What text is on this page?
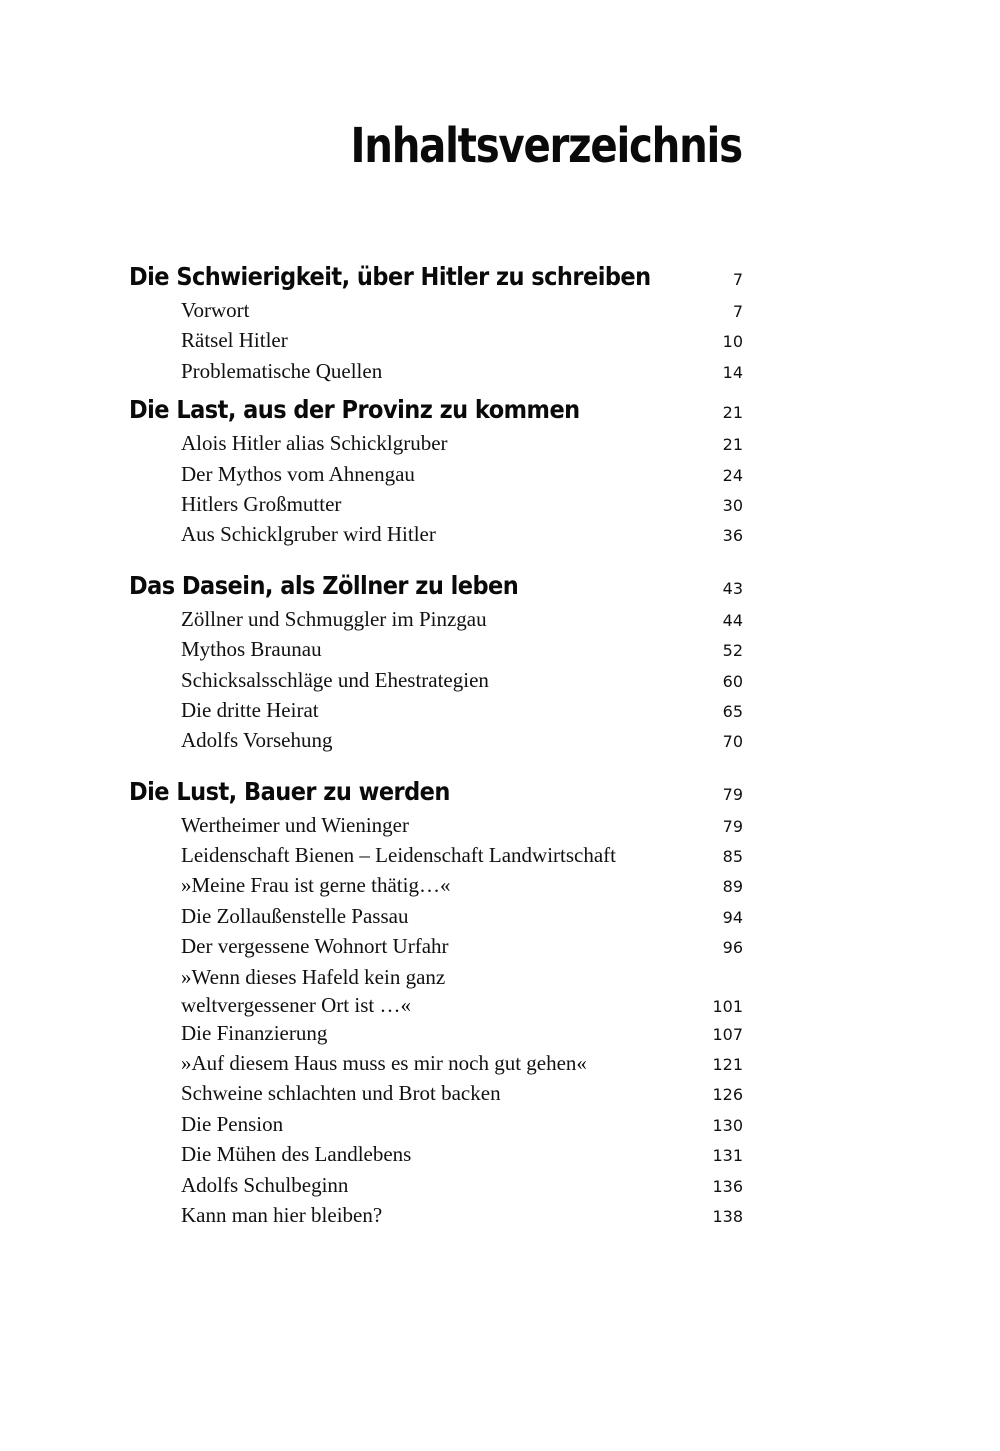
Inhaltsverzeichnis
Die Schwierigkeit, über Hitler zu schreiben	7
Vorwort	7
Rätsel Hitler	10
Problematische Quellen	14
Die Last, aus der Provinz zu kommen	21
Alois Hitler alias Schicklgruber	21
Der Mythos vom Ahnengau	24
Hitlers Großmutter	30
Aus Schicklgruber wird Hitler	36
Das Dasein, als Zöllner zu leben	43
Zöllner und Schmuggler im Pinzgau	44
Mythos Braunau	52
Schicksalsschläge und Ehestrategien	60
Die dritte Heirat	65
Adolfs Vorsehung	70
Die Lust, Bauer zu werden	79
Wertheimer und Wieninger	79
Leidenschaft Bienen – Leidenschaft Landwirtschaft	85
»Meine Frau ist gerne thätig…«	89
Die Zollaußenstelle Passau	94
Der vergessene Wohnort Urfahr	96
»Wenn dieses Hafeld kein ganz
weltvergessener Ort ist …«	101
Die Finanzierung	107
»Auf diesem Haus muss es mir noch gut gehen«	121
Schweine schlachten und Brot backen	126
Die Pension	130
Die Mühen des Landlebens	131
Adolfs Schulbeginn	136
Kann man hier bleiben?	138
